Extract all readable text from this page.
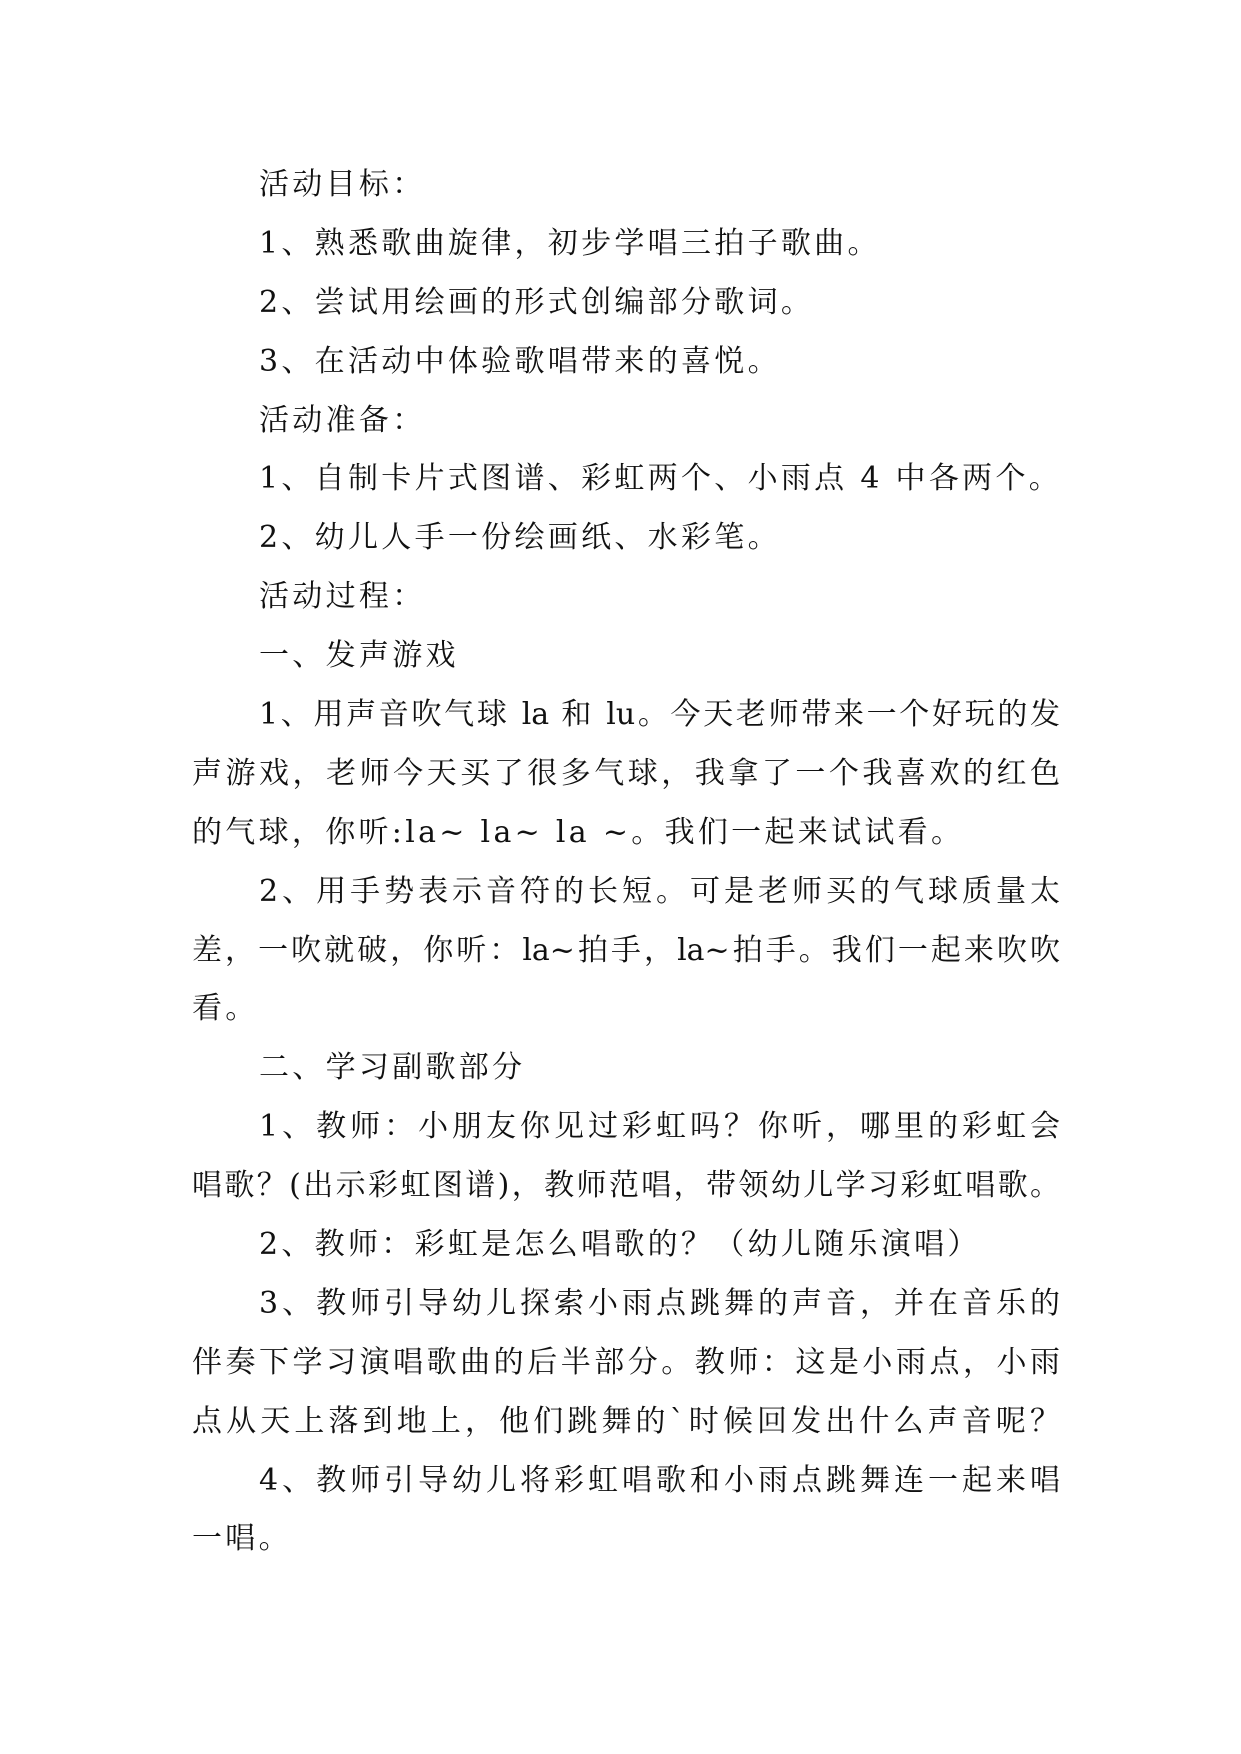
活动目标：

1、熟悉歌曲旋律，初步学唱三拍子歌曲。

2、尝试用绘画的形式创编部分歌词。

3、在活动中体验歌唱带来的喜悦。

活动准备：

1、自制卡片式图谱、彩虹两个、小雨点 4 中各两个。

2、幼儿人手一份绘画纸、水彩笔。

活动过程：

一、发声游戏

1、用声音吹气球 la 和 lu。今天老师带来一个好玩的发

声游戏，老师今天买了很多气球，我拿了一个我喜欢的红色

的气球，你听:la~ la~ la ~。我们一起来试试看。

2、用手势表示音符的长短。可是老师买的气球质量太

差，一吹就破，你听：la~拍手，la~拍手。我们一起来吹吹

看。

二、学习副歌部分

1、教师：小朋友你见过彩虹吗？你听，哪里的彩虹会

唱歌？(出示彩虹图谱)，教师范唱，带领幼儿学习彩虹唱歌。

2、教师：彩虹是怎么唱歌的？（幼儿随乐演唱）

3、教师引导幼儿探索小雨点跳舞的声音，并在音乐的

伴奏下学习演唱歌曲的后半部分。教师：这是小雨点，小雨

点从天上落到地上，他们跳舞的`时候回发出什么声音呢？

4、教师引导幼儿将彩虹唱歌和小雨点跳舞连一起来唱

一唱。
